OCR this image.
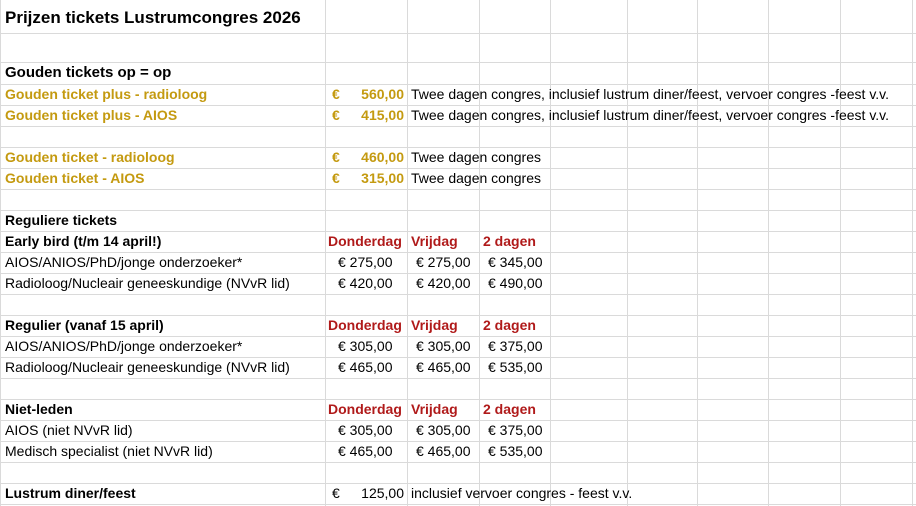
Prijzen tickets Lustrumcongres 2026
Gouden tickets op = op
Gouden ticket plus - radioloog	€ 560,00 Twee dagen congres, inclusief lustrum diner/feest, vervoer congres -feest v.v.
Gouden ticket plus - AIOS	€ 415,00 Twee dagen congres, inclusief lustrum diner/feest, vervoer congres -feest v.v.
Gouden ticket - radioloog	€ 460,00 Twee dagen congres
Gouden ticket - AIOS	€ 315,00 Twee dagen congres
Reguliere tickets
Early bird (t/m 14 april!)	Donderdag Vrijdag 2 dagen
AIOS/ANIOS/PhD/jonge onderzoeker*	€ 275,00 € 275,00 € 345,00
Radioloog/Nucleair geneeskundige (NVvR lid)	€ 420,00 € 420,00 € 490,00
Regulier (vanaf 15 april)	Donderdag Vrijdag 2 dagen
AIOS/ANIOS/PhD/jonge onderzoeker*	€ 305,00 € 305,00 € 375,00
Radioloog/Nucleair geneeskundige (NVvR lid)	€ 465,00 € 465,00 € 535,00
Niet-leden	Donderdag Vrijdag 2 dagen
AIOS (niet NVvR lid)	€ 305,00 € 305,00 € 375,00
Medisch specialist (niet NVvR lid)	€ 465,00 € 465,00 € 535,00
Lustrum diner/feest	€ 125,00 inclusief vervoer congres - feest v.v.
